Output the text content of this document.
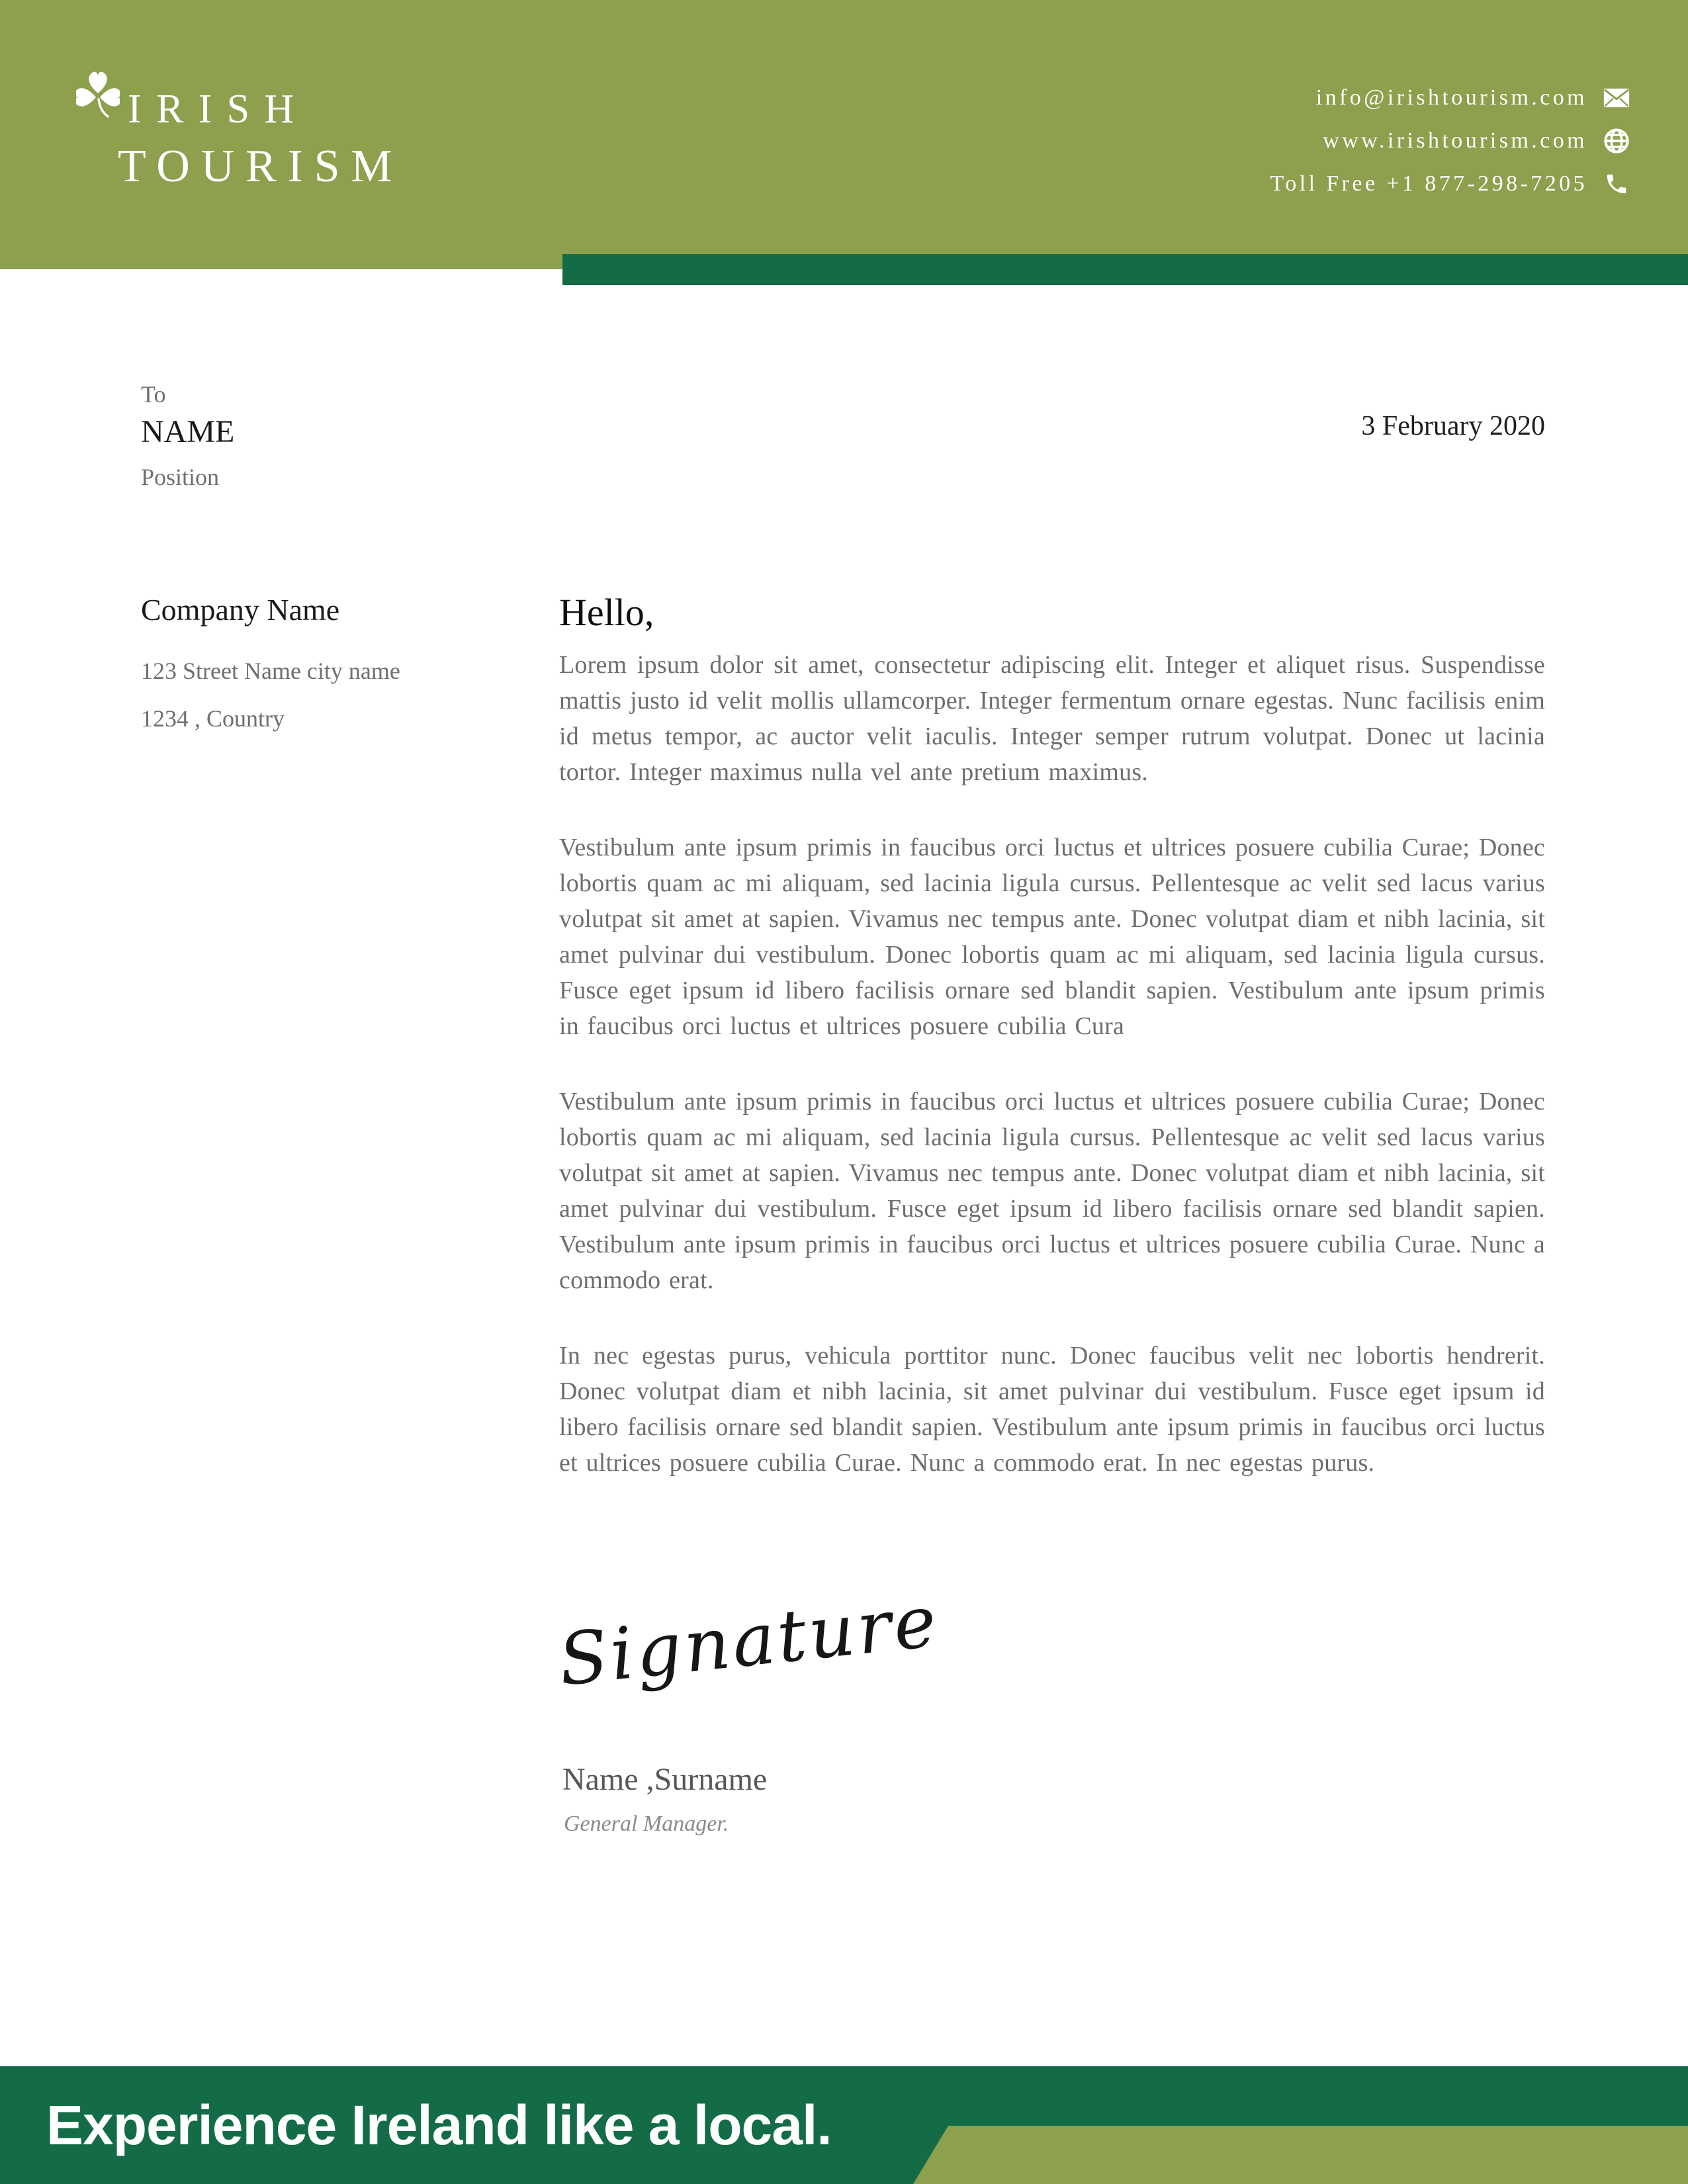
IRISH
TOURISM
info@irishtourism.com
www.irishtourism.com
Toll Free +1 877-298-7205
To
NAME
Position
3 February 2020
Company Name
123 Street Name city name
1234 , Country
Hello,

Lorem ipsum dolor sit amet, consectetur adipiscing elit. Integer et aliquet risus. Suspendisse mattis justo id velit mollis ullamcorper. Integer fermentum ornare egestas. Nunc facilisis enim id metus tempor, ac auctor velit iaculis. Integer semper rutrum volutpat. Donec ut lacinia tortor. Integer maximus nulla vel ante pretium maximus.

Vestibulum ante ipsum primis in faucibus orci luctus et ultrices posuere cubilia Curae; Donec lobortis quam ac mi aliquam, sed lacinia ligula cursus. Pellentesque ac velit sed lacus varius volutpat sit amet at sapien. Vivamus nec tempus ante. Donec volutpat diam et nibh lacinia, sit amet pulvinar dui vestibulum. Donec lobortis quam ac mi aliquam, sed lacinia ligula cursus. Fusce eget ipsum id libero facilisis ornare sed blandit sapien. Vestibulum ante ipsum primis in faucibus orci luctus et ultrices posuere cubilia Cura

Vestibulum ante ipsum primis in faucibus orci luctus et ultrices posuere cubilia Curae; Donec lobortis quam ac mi aliquam, sed lacinia ligula cursus. Pellentesque ac velit sed lacus varius volutpat sit amet at sapien. Vivamus nec tempus ante. Donec volutpat diam et nibh lacinia, sit amet pulvinar dui vestibulum. Fusce eget ipsum id libero facilisis ornare sed blandit sapien. Vestibulum ante ipsum primis in faucibus orci luctus et ultrices posuere cubilia Curae. Nunc a commodo erat.

In nec egestas purus, vehicula porttitor nunc. Donec faucibus velit nec lobortis hendrerit. Donec volutpat diam et nibh lacinia, sit amet pulvinar dui vestibulum. Fusce eget ipsum id libero facilisis ornare sed blandit sapien. Vestibulum ante ipsum primis in faucibus orci luctus et ultrices posuere cubilia Curae. Nunc a commodo erat. In nec egestas purus.

Signature
Name ,Surname
General Manager.
Experience Ireland like a local.
